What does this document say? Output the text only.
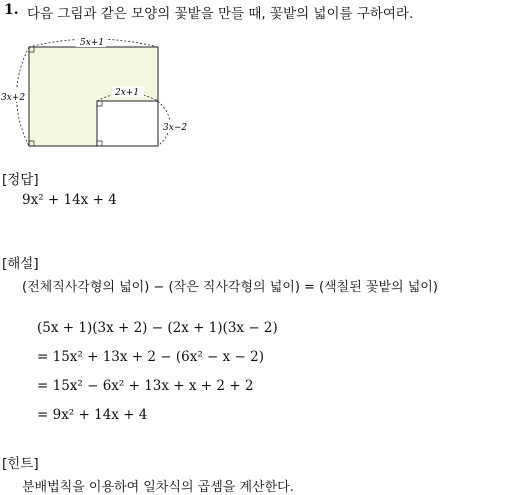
1. 다음 그림과 같은 모양의 꽃밭을 만들 때, 꽃밭의 넓이를 구하여라.
5x+1
3x+2	2x+1
3x−2
[정답]
9x² + 14x + 4
[해설]
(전체직사각형의 넓이) − (작은 직사각형의 넓이) = (색칠된 꽃밭의 넓이)
(5x + 1)(3x + 2) − (2x + 1)(3x − 2)
= 15x² + 13x + 2 − (6x² − x − 2)
= 15x² − 6x² + 13x + x + 2 + 2
= 9x² + 14x + 4
[힌트]
분배법칙을 이용하여 일차식의 곱셈을 계산한다.
